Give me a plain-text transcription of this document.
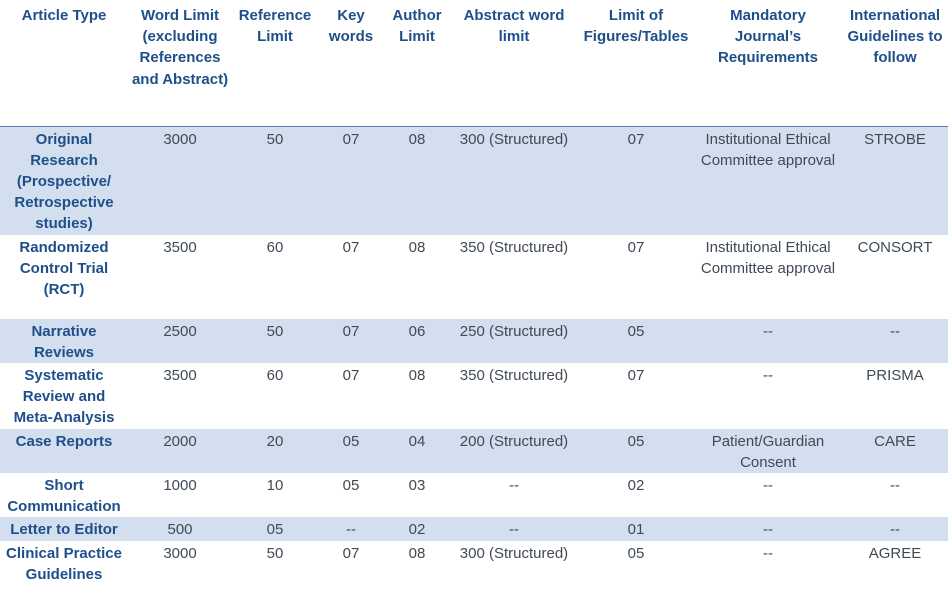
Article Type	Word Limit (excluding References and Abstract)	Reference Limit	Key words	Author Limit	Abstract word limit	Limit of Figures/Tables	Mandatory Journal’s Requirements	International Guidelines to follow
Original Research (Prospective/ Retrospective studies)	3000	50	07	08	300 (Structured)	07	Institutional Ethical Committee approval	STROBE
Randomized Control Trial (RCT)	3500	60	07	08	350 (Structured)	07	Institutional Ethical Committee approval	CONSORT
Narrative Reviews	2500	50	07	06	250 (Structured)	05	--	--
Systematic Review and Meta-Analysis	3500	60	07	08	350 (Structured)	07	--	PRISMA
Case Reports	2000	20	05	04	200 (Structured)	05	Patient/Guardian Consent	CARE
Short Communication	1000	10	05	03	--	02	--	--
Letter to Editor	500	05	--	02	--	01	--	--
Clinical Practice Guidelines	3000	50	07	08	300 (Structured)	05	--	AGREE
